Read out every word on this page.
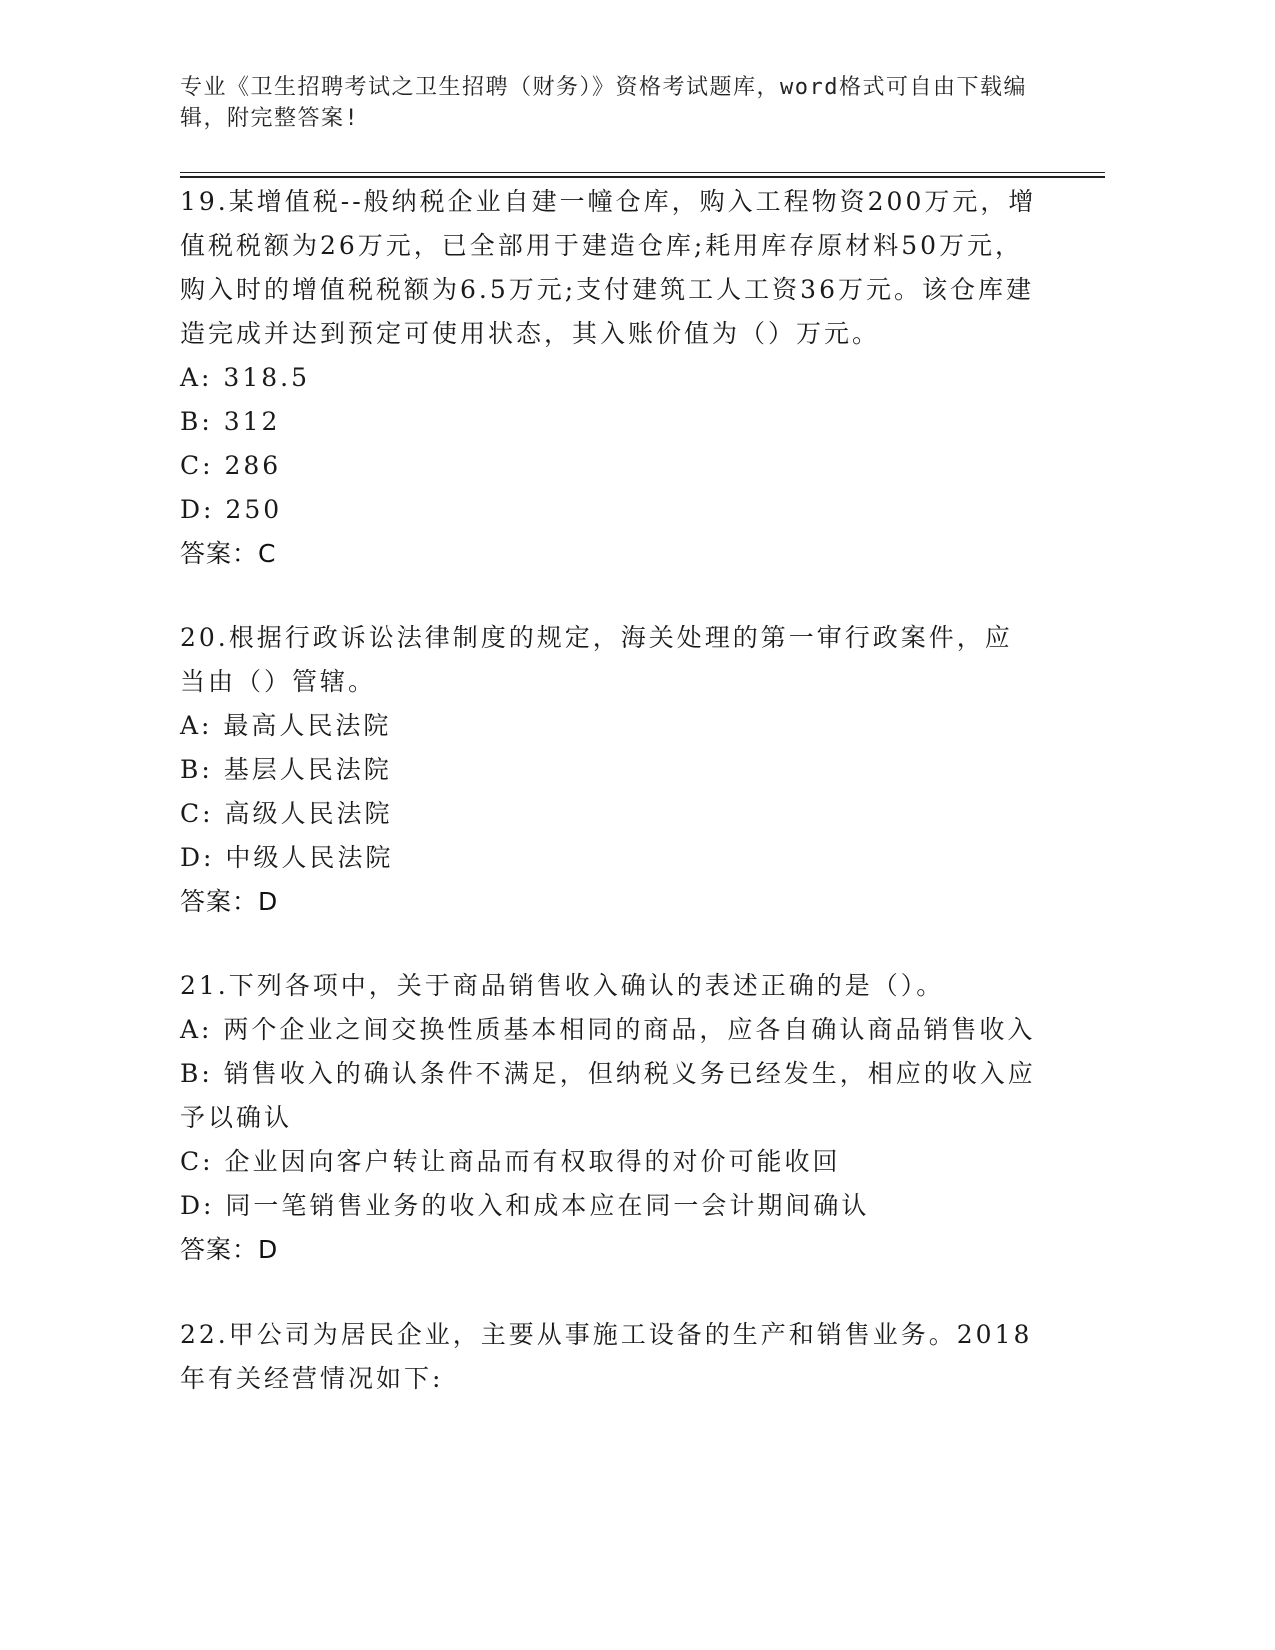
专业《卫生招聘考试之卫生招聘（财务）》资格考试题库，word格式可自由下载编辑，附完整答案!

19.某增值税--般纳税企业自建一幢仓库，购入工程物资200万元，增值税税额为26万元，已全部用于建造仓库;耗用库存原材料50万元，购入时的增值税税额为6.5万元;支付建筑工人工资36万元。该仓库建造完成并达到预定可使用状态，其入账价值为（）万元。

A: 318.5

B: 312

C: 286

D: 250

答案：C

20.根据行政诉讼法律制度的规定，海关处理的第一审行政案件，应当由（）管辖。

A: 最高人民法院

B: 基层人民法院

C: 高级人民法院

D: 中级人民法院

答案：D

21.下列各项中，关于商品销售收入确认的表述正确的是（）。

A: 两个企业之间交换性质基本相同的商品，应各自确认商品销售收入

B: 销售收入的确认条件不满足，但纳税义务已经发生，相应的收入应予以确认

C: 企业因向客户转让商品而有权取得的对价可能收回

D: 同一笔销售业务的收入和成本应在同一会计期间确认

答案：D

22.甲公司为居民企业，主要从事施工设备的生产和销售业务。2018年有关经营情况如下:
